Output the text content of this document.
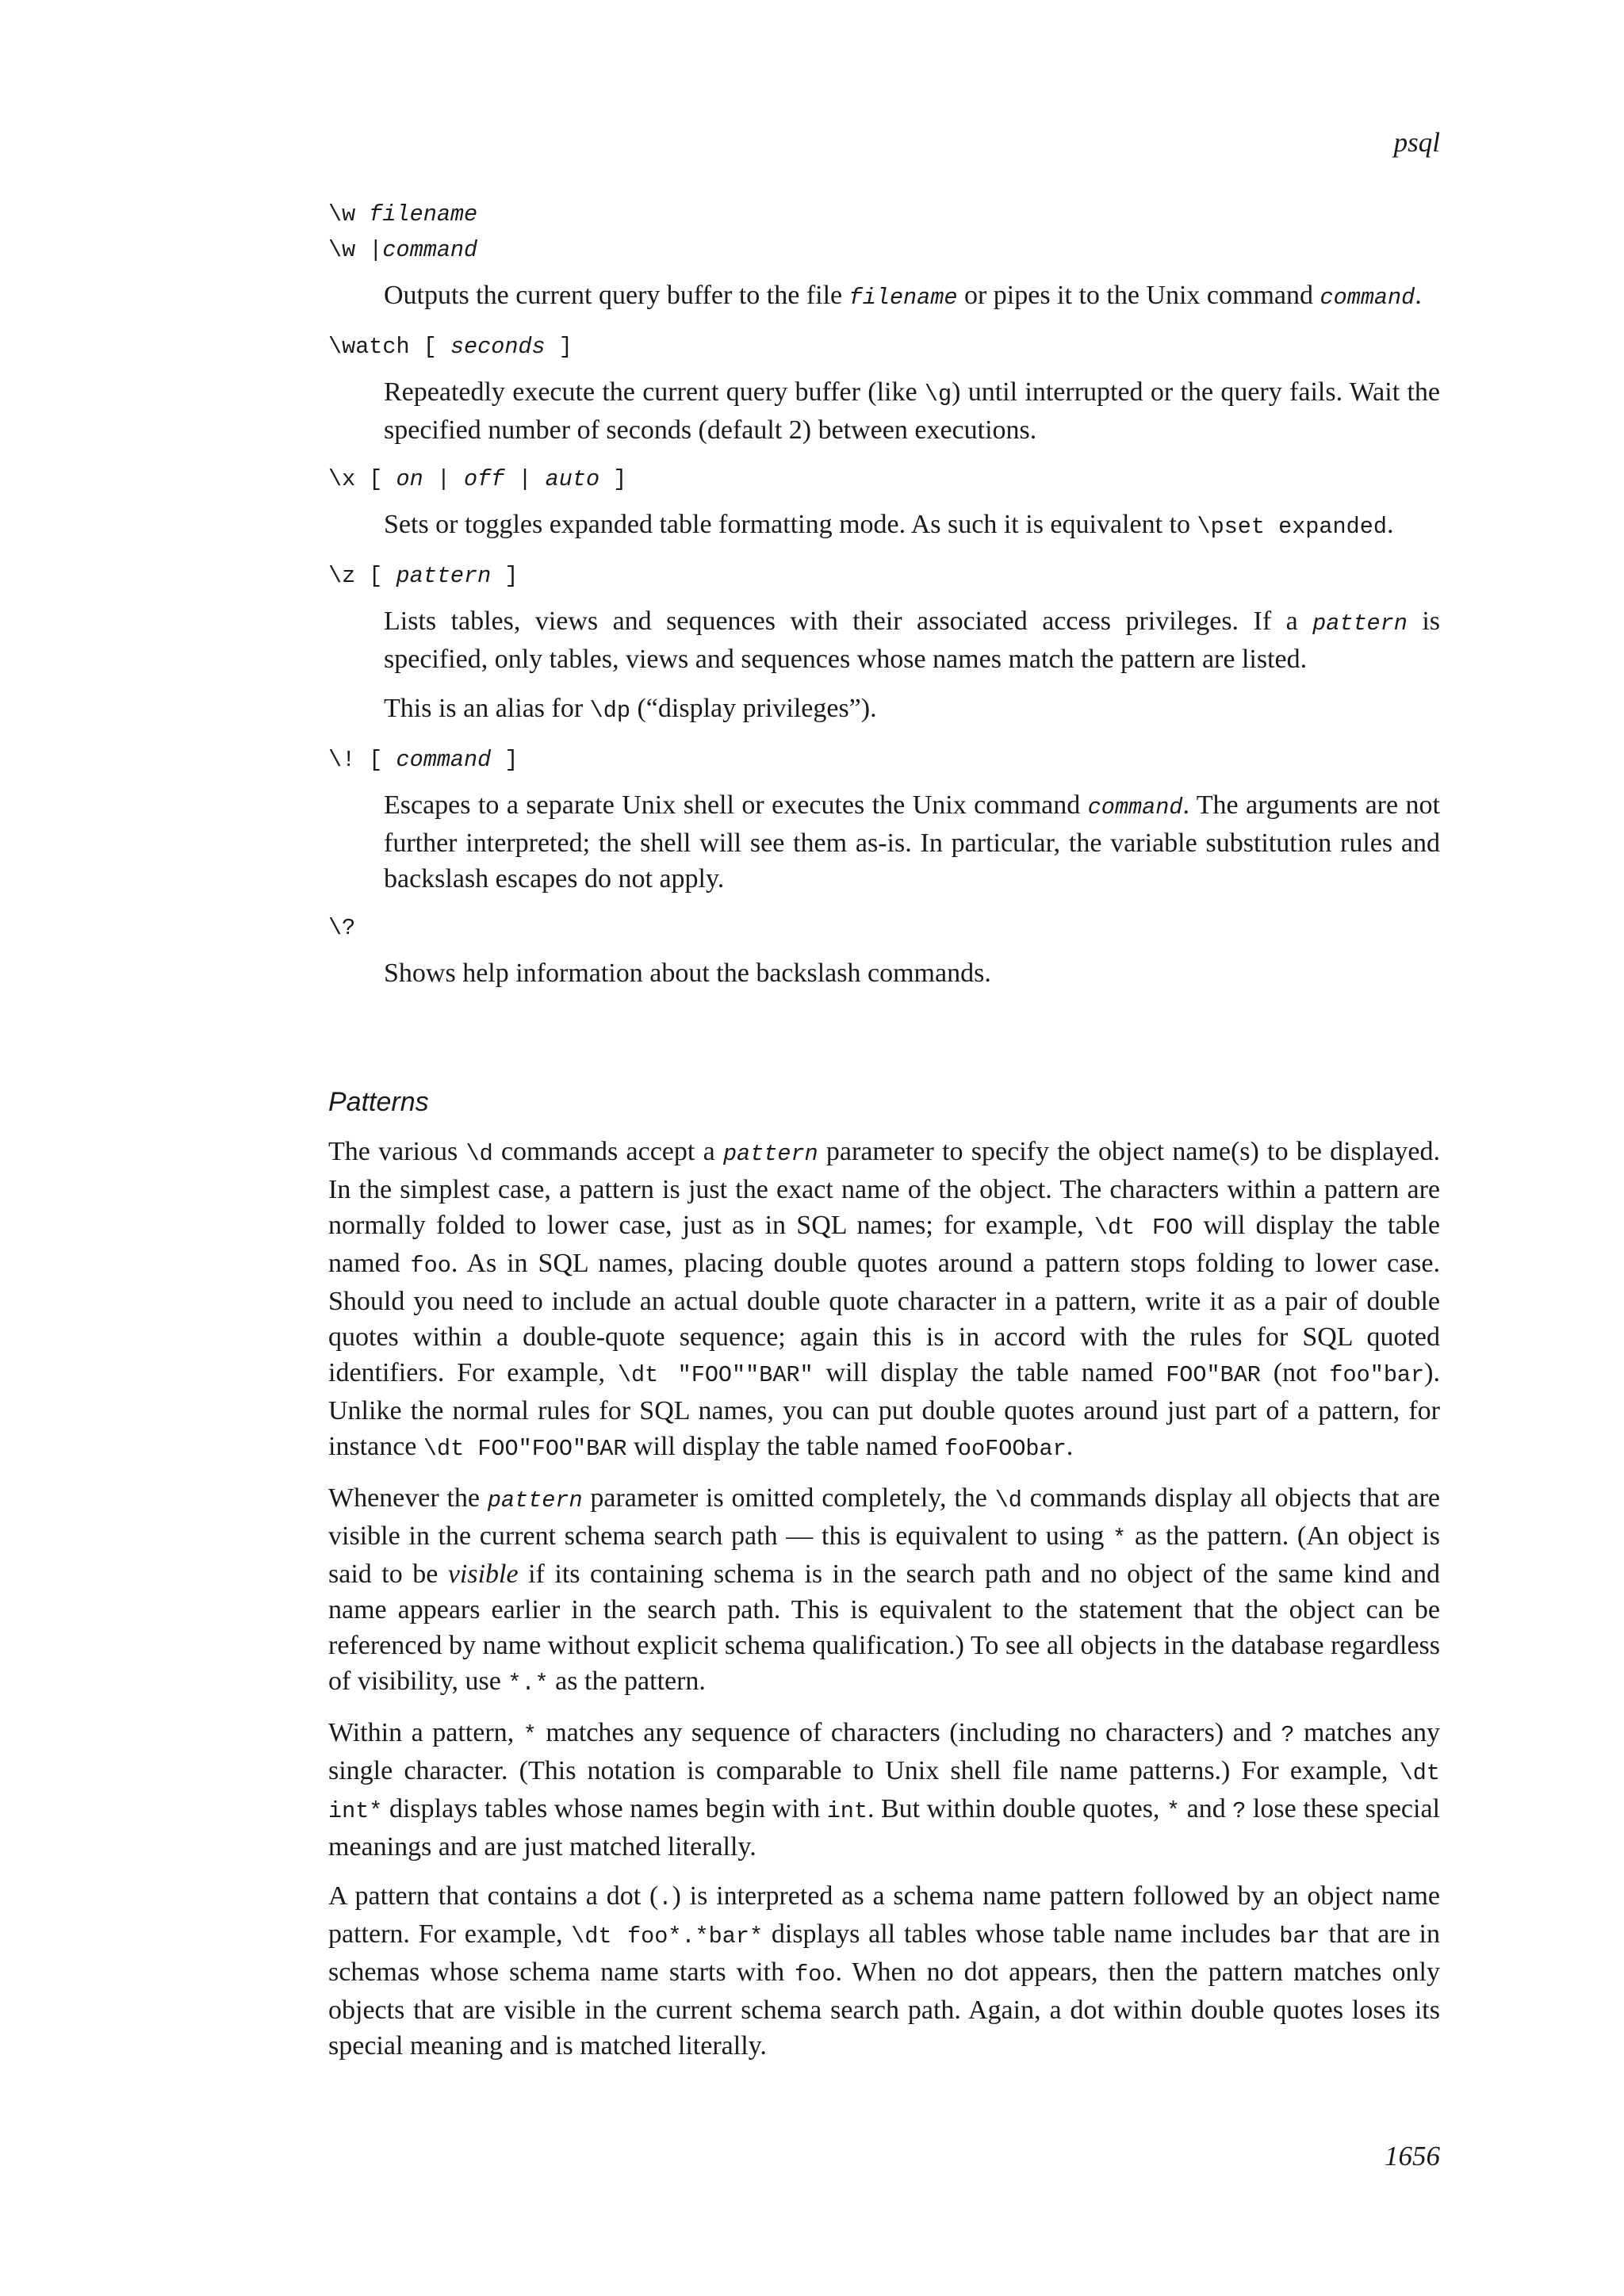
psql
\w filename
\w |command
Outputs the current query buffer to the file filename or pipes it to the Unix command command.
\watch [ seconds ]
Repeatedly execute the current query buffer (like \g) until interrupted or the query fails. Wait the specified number of seconds (default 2) between executions.
\x [ on | off | auto ]
Sets or toggles expanded table formatting mode. As such it is equivalent to \pset expanded.
\z [ pattern ]
Lists tables, views and sequences with their associated access privileges. If a pattern is specified, only tables, views and sequences whose names match the pattern are listed.
This is an alias for \dp (“display privileges”).
\! [ command ]
Escapes to a separate Unix shell or executes the Unix command command. The arguments are not further interpreted; the shell will see them as-is. In particular, the variable substitution rules and backslash escapes do not apply.
\?
Shows help information about the backslash commands.
Patterns
The various \d commands accept a pattern parameter to specify the object name(s) to be displayed. In the simplest case, a pattern is just the exact name of the object. The characters within a pattern are normally folded to lower case, just as in SQL names; for example, \dt FOO will display the table named foo. As in SQL names, placing double quotes around a pattern stops folding to lower case. Should you need to include an actual double quote character in a pattern, write it as a pair of double quotes within a double-quote sequence; again this is in accord with the rules for SQL quoted identifiers. For example, \dt "FOO""BAR" will display the table named FOO"BAR (not foo"bar). Unlike the normal rules for SQL names, you can put double quotes around just part of a pattern, for instance \dt FOO"FOO"BAR will display the table named fooFOObar.
Whenever the pattern parameter is omitted completely, the \d commands display all objects that are visible in the current schema search path — this is equivalent to using * as the pattern. (An object is said to be visible if its containing schema is in the search path and no object of the same kind and name appears earlier in the search path. This is equivalent to the statement that the object can be referenced by name without explicit schema qualification.) To see all objects in the database regardless of visibility, use *.* as the pattern.
Within a pattern, * matches any sequence of characters (including no characters) and ? matches any single character. (This notation is comparable to Unix shell file name patterns.) For example, \dt int* displays tables whose names begin with int. But within double quotes, * and ? lose these special meanings and are just matched literally.
A pattern that contains a dot (.) is interpreted as a schema name pattern followed by an object name pattern. For example, \dt foo*.*bar* displays all tables whose table name includes bar that are in schemas whose schema name starts with foo. When no dot appears, then the pattern matches only objects that are visible in the current schema search path. Again, a dot within double quotes loses its special meaning and is matched literally.
1656
